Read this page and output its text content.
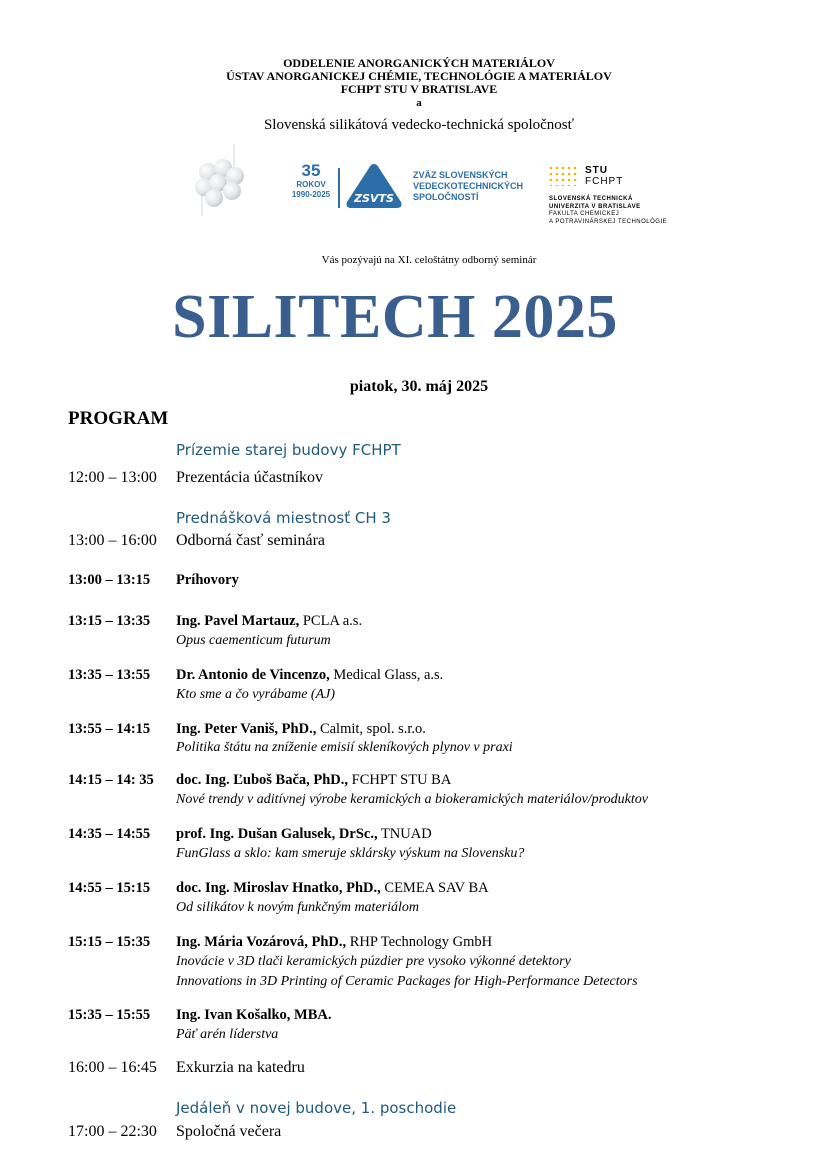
ODDELENIE ANORGANICKÝCH MATERIÁLOV
ÚSTAV ANORGANICKEJ CHÉMIE, TECHNOLÓGIE A MATERIÁLOV
FCHPT STU V BRATISLAVE
a
Slovenská silikátová vedecko-technická spoločnosť
35
ROKOV
1990-2025	ZSVTS
ZVÄZ SLOVENSKÝCH
VEDECKOTECHNICKÝCH
SPOLOČNOSTÍ
STU
FCHPT
SLOVENSKÁ TECHNICKÁ
UNIVERZITA V BRATISLAVE
FAKULTA CHEMICKEJ
A POTRAVINÁRSKEJ TECHNOLÓGIE
Vás pozývajú na XI. celoštátny odborný seminár
SILITECH 2025
piatok, 30. máj 2025
PROGRAM
Prízemie starej budovy FCHPT
12:00 – 13:00 Prezentácia účastníkov
Prednášková miestnosť CH 3
13:00 – 16:00 Odborná časť seminára
13:00 – 13:15 Príhovory
13:15 – 13:35 Ing. Pavel Martauz, PCLA a.s.
Opus caementicum futurum
13:35 – 13:55 Dr. Antonio de Vincenzo, Medical Glass, a.s.
Kto sme a čo vyrábame (AJ)
13:55 – 14:15 Ing. Peter Vaniš, PhD., Calmit, spol. s.r.o.
Politika štátu na zníženie emisií skleníkových plynov v praxi
14:15 – 14: 35 doc. Ing. Ľuboš Bača, PhD., FCHPT STU BA
Nové trendy v aditívnej výrobe keramických a biokeramických materiálov/produktov
14:35 – 14:55 prof. Ing. Dušan Galusek, DrSc., TNUAD
FunGlass a sklo: kam smeruje sklársky výskum na Slovensku?
14:55 – 15:15 doc. Ing. Miroslav Hnatko, PhD., CEMEA SAV BA
Od silikátov k novým funkčným materiálom
15:15 – 15:35 Ing. Mária Vozárová, PhD., RHP Technology GmbH
Inovácie v 3D tlači keramických púzdier pre vysoko výkonné detektory
Innovations in 3D Printing of Ceramic Packages for High-Performance Detectors
15:35 – 15:55 Ing. Ivan Košalko, MBA.
Päť arén líderstva
16:00 – 16:45 Exkurzia na katedru
Jedáleň v novej budove, 1. poschodie
17:00 – 22:30 Spoločná večera
